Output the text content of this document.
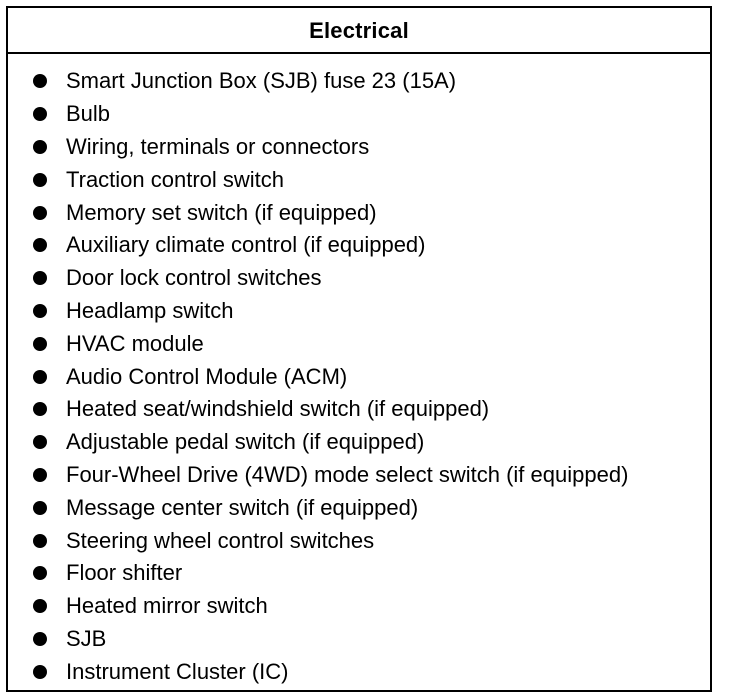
Electrical
Smart Junction Box (SJB) fuse 23 (15A)
Bulb
Wiring, terminals or connectors
Traction control switch
Memory set switch (if equipped)
Auxiliary climate control (if equipped)
Door lock control switches
Headlamp switch
HVAC module
Audio Control Module (ACM)
Heated seat/windshield switch (if equipped)
Adjustable pedal switch (if equipped)
Four-Wheel Drive (4WD) mode select switch (if equipped)
Message center switch (if equipped)
Steering wheel control switches
Floor shifter
Heated mirror switch
SJB
Instrument Cluster (IC)
